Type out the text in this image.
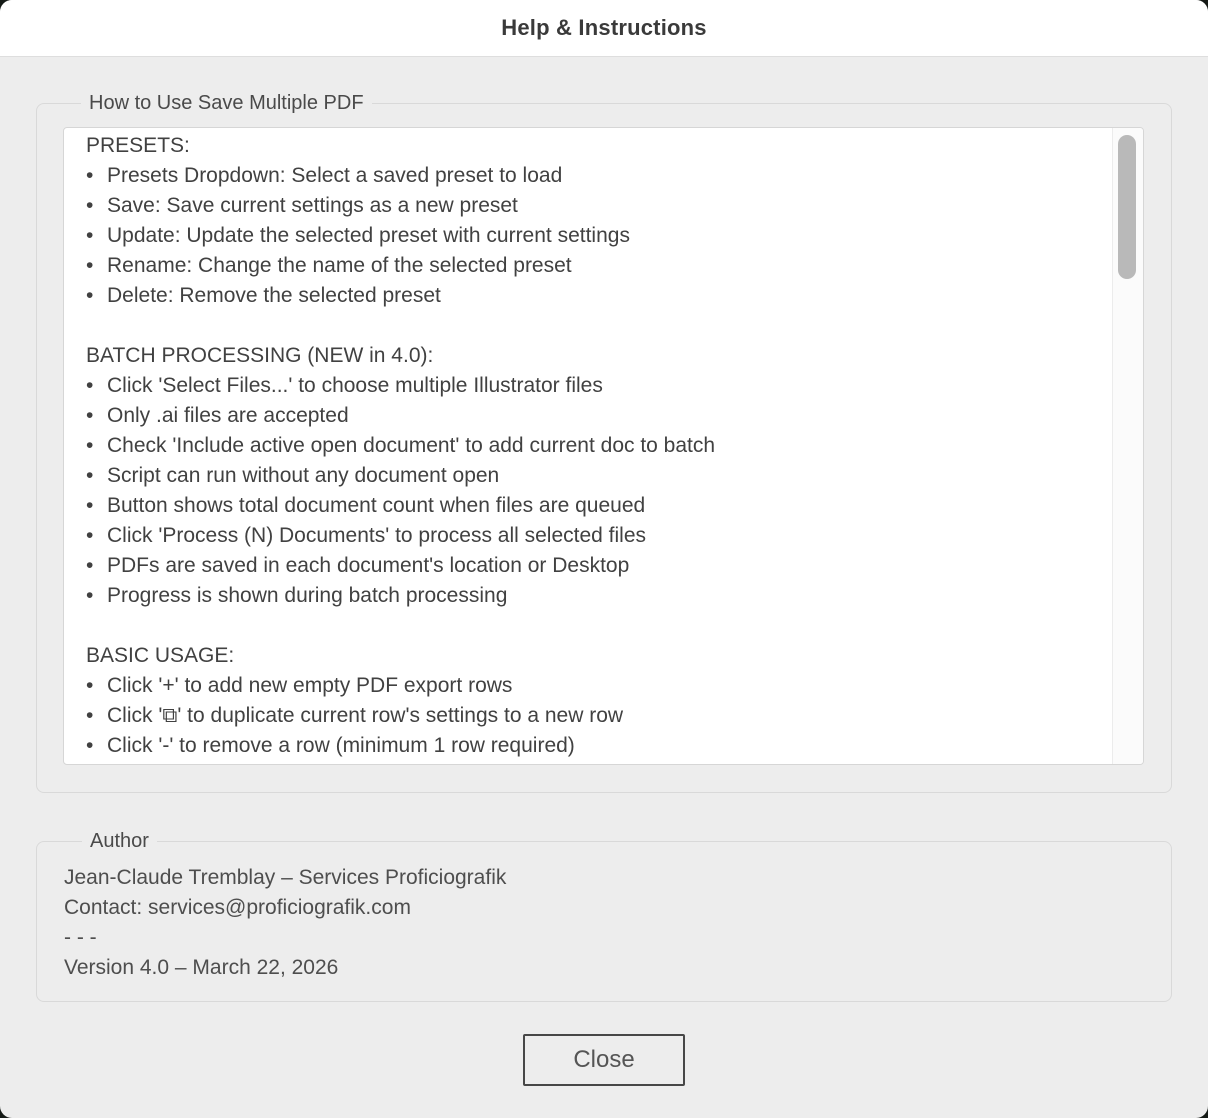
Help & Instructions
How to Use Save Multiple PDF
PRESETS:
• Presets Dropdown: Select a saved preset to load
• Save: Save current settings as a new preset
• Update: Update the selected preset with current settings
• Rename: Change the name of the selected preset
• Delete: Remove the selected preset
BATCH PROCESSING (NEW in 4.0):
• Click 'Select Files...' to choose multiple Illustrator files
• Only .ai files are accepted
• Check 'Include active open document' to add current doc to batch
• Script can run without any document open
• Button shows total document count when files are queued
• Click 'Process (N) Documents' to process all selected files
• PDFs are saved in each document's location or Desktop
• Progress is shown during batch processing
BASIC USAGE:
• Click '+' to add new empty PDF export rows
• Click '⧉' to duplicate current row's settings to a new row
• Click '-' to remove a row (minimum 1 row required)
Author
Jean-Claude Tremblay – Services Proficiografik
Contact: services@proficiografik.com
- - -
Version 4.0 – March 22, 2026
Close
